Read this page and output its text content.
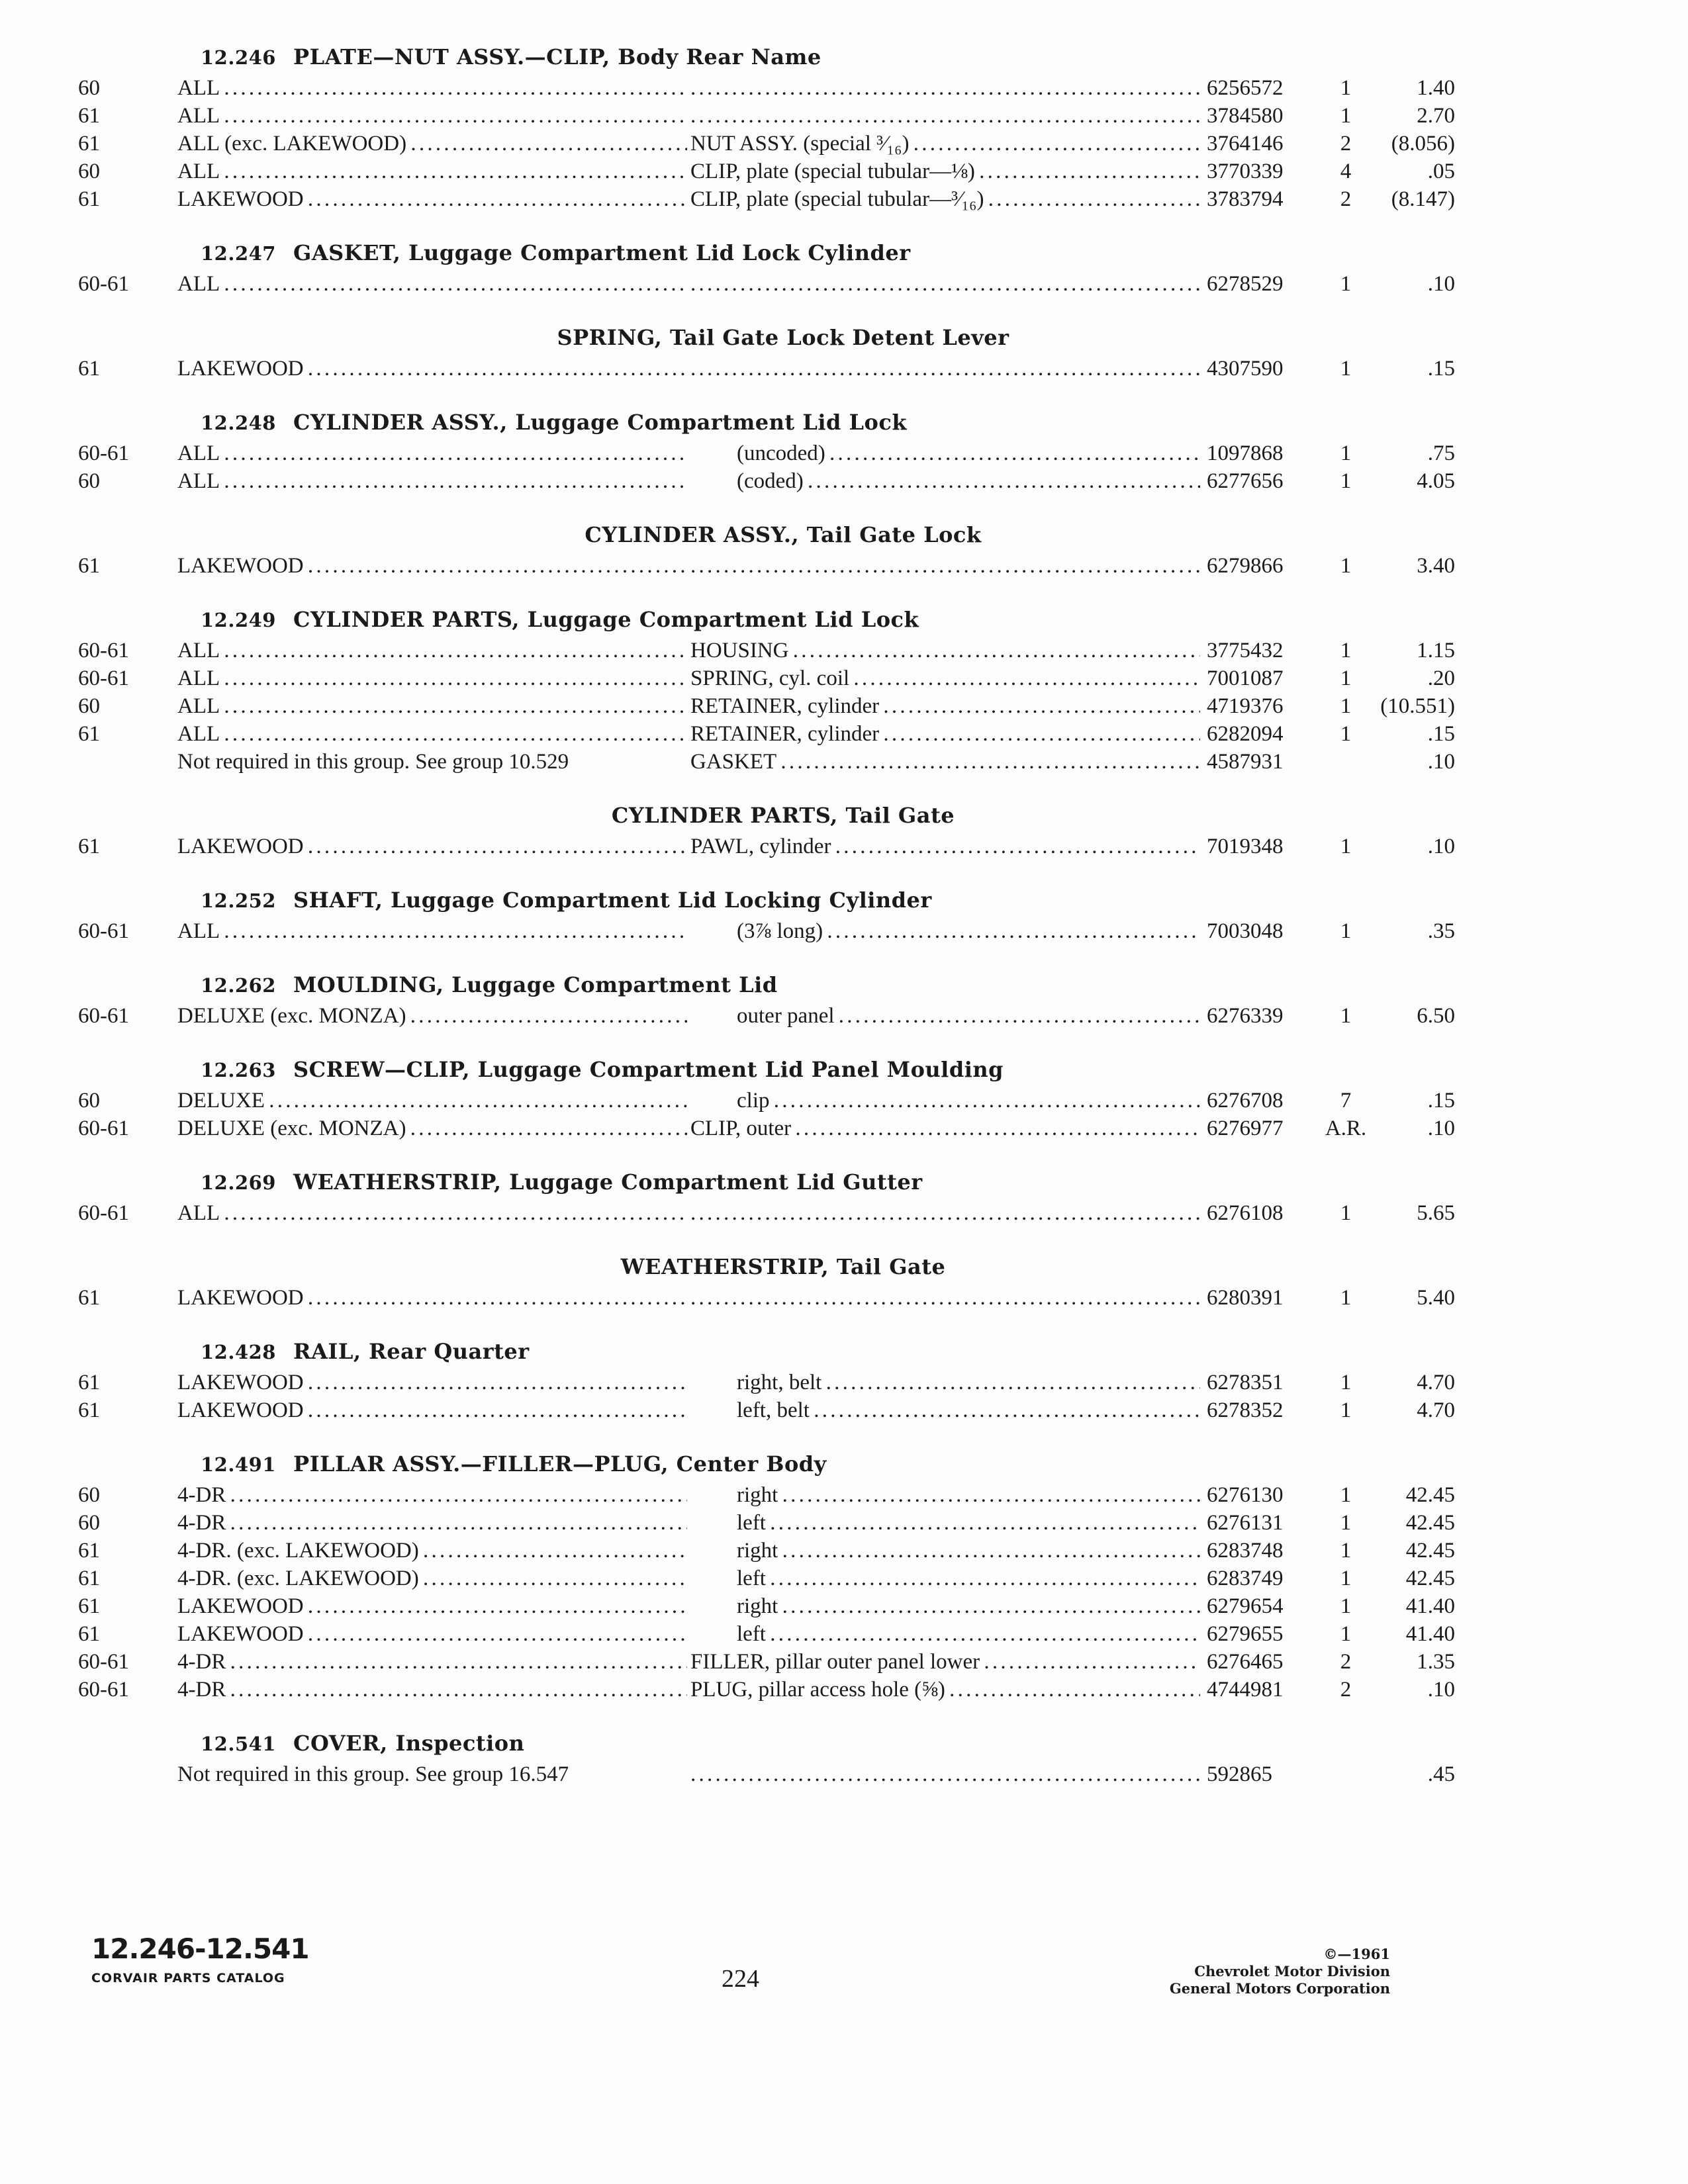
12.246 PLATE—NUT ASSY.—CLIP, Body Rear Name
60	ALL . . . . . .	6256572	1	1.40
61	ALL . . . . . .	3784580	1	2.70
61	ALL (exc. LAKEWOOD) . . .	NUT ASSY. (special ³⁄₁₆) . . .	3764146	2	(8.056)
60	ALL . . .	CLIP, plate (special tubular—⅛) . . .	3770339	4	.05
61	LAKEWOOD . . .	CLIP, plate (special tubular—³⁄₁₆) . . .	3783794	2	(8.147)
12.247 GASKET, Luggage Compartment Lid Lock Cylinder
60-61	ALL . . . . . .	6278529	1	.10
SPRING, Tail Gate Lock Detent Lever
61	LAKEWOOD . . . . . .	4307590	1	.15
12.248 CYLINDER ASSY., Luggage Compartment Lid Lock
60-61	ALL . . .	(uncoded) . . .	1097868	1	.75
60	ALL . . .	(coded) . . .	6277656	1	4.05
CYLINDER ASSY., Tail Gate Lock
61	LAKEWOOD . . . . . .	6279866	1	3.40
12.249 CYLINDER PARTS, Luggage Compartment Lid Lock
60-61	ALL . . .	HOUSING . . .	3775432	1	1.15
60-61	ALL . . .	SPRING, cyl. coil . . .	7001087	1	.20
60	ALL . . .	RETAINER, cylinder . . .	4719376	1	(10.551)
61	ALL . . .	RETAINER, cylinder . . .	6282094	1	.15
Not required in this group. See group 10.529	GASKET . . .	4587931	.10
CYLINDER PARTS, Tail Gate
61	LAKEWOOD . . .	PAWL, cylinder . . .	7019348	1	.10
12.252 SHAFT, Luggage Compartment Lid Locking Cylinder
60-61	ALL . . .	(3⅞ long) . . .	7003048	1	.35
12.262 MOULDING, Luggage Compartment Lid
60-61	DELUXE (exc. MONZA) . . .	outer panel . . .	6276339	1	6.50
12.263 SCREW—CLIP, Luggage Compartment Lid Panel Moulding
60	DELUXE . . .	clip . . .	6276708	7	.15
60-61	DELUXE (exc. MONZA) . . .	CLIP, outer . . .	6276977	A.R.	.10
12.269 WEATHERSTRIP, Luggage Compartment Lid Gutter
60-61	ALL . . . . . .	6276108	1	5.65
WEATHERSTRIP, Tail Gate
61	LAKEWOOD . . . . . .	6280391	1	5.40
12.428 RAIL, Rear Quarter
61	LAKEWOOD . . .	right, belt . . .	6278351	1	4.70
61	LAKEWOOD . . .	left, belt . . .	6278352	1	4.70
12.491 PILLAR ASSY.—FILLER—PLUG, Center Body
60	4-DR . . .	right . . .	6276130	1	42.45
60	4-DR . . .	left . . .	6276131	1	42.45
61	4-DR. (exc. LAKEWOOD) . . .	right . . .	6283748	1	42.45
61	4-DR. (exc. LAKEWOOD) . . .	left . . .	6283749	1	42.45
61	LAKEWOOD . . .	right . . .	6279654	1	41.40
61	LAKEWOOD . . .	left . . .	6279655	1	41.40
60-61	4-DR . . .	FILLER, pillar outer panel lower . . .	6276465	2	1.35
60-61	4-DR . . .	PLUG, pillar access hole (⅝) . . .	4744981	2	.10
12.541 COVER, Inspection
Not required in this group. See group 16.547 . . .	592865	.45
12.246-12.541
CORVAIR PARTS CATALOG	224
©—1961
Chevrolet Motor Division
General Motors Corporation
